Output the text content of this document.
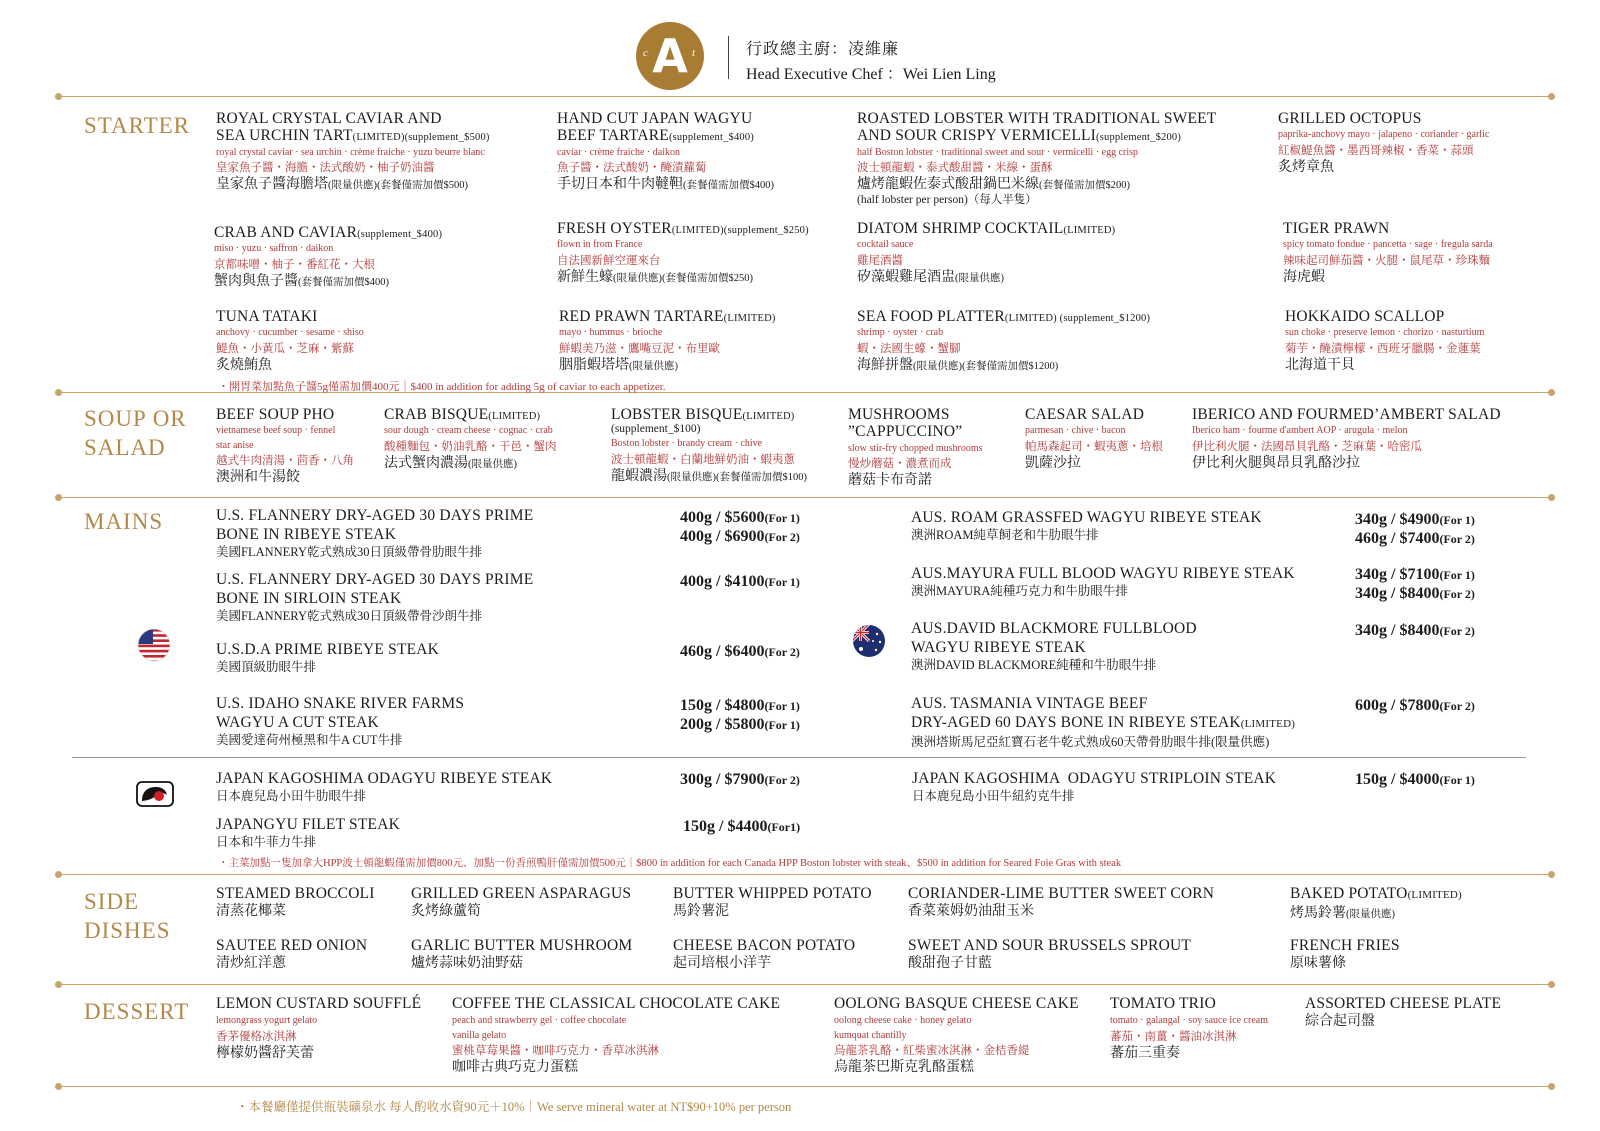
A
c	t	行政總主廚：凌維廉
Head Executive Chef ：Wei Lien Ling
STARTER
SOUP OR
SALAD
MAINS
SIDE
DISHES
DESSERT
ROYAL CRYSTAL CAVIAR AND
SEA URCHIN TART(LIMITED)(supplement_$500)
royal crystal caviar · sea urchin · crème fraiche · yuzu beurre blanc
皇家魚子醬・海膽・法式酸奶・柚子奶油醬
皇家魚子醬海膽塔(限量供應)(套餐僅需加價$500)
HAND CUT JAPAN WAGYU
BEEF TARTARE(supplement_$400)
caviar · crème fraiche · daikon
魚子醬・法式酸奶・醃漬蘿蔔
手切日本和牛肉韃靼(套餐僅需加價$400)
ROASTED LOBSTER WITH TRADITIONAL SWEET
AND SOUR CRISPY VERMICELLI(supplement_$200)
half Boston lobster · traditional sweet and sour · vermicelli · egg crisp
波士頓龍蝦・泰式酸甜醬・米線・蛋酥
爐烤龍蝦佐泰式酸甜鍋巴米線(套餐僅需加價$200)
(half lobster per person)（每人半隻）
GRILLED OCTOPUS
paprika-anchovy mayo · jalapeno · coriander · garlic
紅椒鯷魚醬・墨西哥辣椒・香菜・蒜頭
炙烤章魚
CRAB AND CAVIAR(supplement_$400)
miso · yuzu · saffron · daikon
京都味噌・柚子・番紅花・大根
蟹肉與魚子醬(套餐僅需加價$400)
FRESH OYSTER(LIMITED)(supplement_$250)
flown in from France
自法國新鮮空運來台
新鮮生蠔(限量供應)(套餐僅需加價$250)
DIATOM SHRIMP COCKTAIL(LIMITED)
cocktail sauce
雞尾酒醬
矽藻蝦雞尾酒盅(限量供應)
TIGER PRAWN
spicy tomato fondue · pancetta · sage · fregula sarda
辣味起司鮮茄醬・火腿・鼠尾草・珍珠麵
海虎蝦
TUNA TATAKI
anchovy · cucumber · sesame · shiso
鯷魚・小黃瓜・芝麻・紫蘇
炙燒鮪魚
RED PRAWN TARTARE(LIMITED)
mayo · hummus · brioche
鮮蝦美乃滋・鷹嘴豆泥・布里歐
胭脂蝦塔塔(限量供應)
SEA FOOD PLATTER(LIMITED) (supplement_$1200)
shrimp · oyster · crab
蝦・法國生蠔・蟹腳
海鮮拼盤(限量供應)(套餐僅需加價$1200)
HOKKAIDO SCALLOP
sun choke · preserve lemon · chorizo · nasturtium
菊芋・醃漬檸檬・西班牙臘腸・金蓮葉
北海道干貝
・開胃菜加點魚子醬5g僅需加價400元｜$400 in addition for adding 5g of caviar to each appetizer.
BEEF SOUP PHO
vietnamese beef soup · fennel
star anise
越式牛肉清湯・茴香・八角
澳洲和牛湯餃
CRAB BISQUE(LIMITED)
sour dough · cream cheese · cognac · crab
酸種麵包・奶油乳酪・干邑・蟹肉
法式蟹肉濃湯(限量供應)
LOBSTER BISQUE(LIMITED)
(supplement_$100)
Boston lobster · brandy cream · chive
波士頓龍蝦・白蘭地鮮奶油・蝦夷蔥
龍蝦濃湯(限量供應)(套餐僅需加價$100)
MUSHROOMS
”CAPPUCCINO”
slow stir-fry chopped mushrooms
慢炒蘑菇・濃煮而成
蘑菇卡布奇諾
CAESAR SALAD
parmesan · chive · bacon
帕馬森起司・蝦夷蔥・培根
凱薩沙拉
IBERICO AND FOURMED’AMBERT SALAD
Iberico ham · fourme d'ambert AOP · arugula · melon
伊比利火腿・法國昂貝乳酪・芝麻葉・哈密瓜
伊比利火腿與昂貝乳酪沙拉
U.S. FLANNERY DRY-AGED 30 DAYS PRIME
BONE IN RIBEYE STEAK
美國FLANNERY乾式熟成30日頂級帶骨肋眼牛排
400g / $5600(For 1)
400g / $6900(For 2)
U.S. FLANNERY DRY-AGED 30 DAYS PRIME
BONE IN SIRLOIN STEAK
美國FLANNERY乾式熟成30日頂級帶骨沙朗牛排
400g / $4100(For 1)
U.S.D.A PRIME RIBEYE STEAK
美國頂級肋眼牛排
460g / $6400(For 2)
U.S. IDAHO SNAKE RIVER FARMS
WAGYU A CUT STEAK
美國愛達荷州極黑和牛A CUT牛排
150g / $4800(For 1)
200g / $5800(For 1)
AUS. ROAM GRASSFED WAGYU RIBEYE STEAK
澳洲ROAM純草飼老和牛肋眼牛排
340g / $4900(For 1)
460g / $7400(For 2)
AUS.MAYURA FULL BLOOD WAGYU RIBEYE STEAK
澳洲MAYURA純種巧克力和牛肋眼牛排
340g / $7100(For 1)
340g / $8400(For 2)
AUS.DAVID BLACKMORE FULLBLOOD
WAGYU RIBEYE STEAK
澳洲DAVID BLACKMORE純種和牛肋眼牛排
340g / $8400(For 2)
AUS. TASMANIA VINTAGE BEEF
DRY-AGED 60 DAYS BONE IN RIBEYE STEAK(LIMITED)
澳洲塔斯馬尼亞紅寶石老牛乾式熟成60天帶骨肋眼牛排(限量供應)
600g / $7800(For 2)
JAPAN KAGOSHIMA ODAGYU RIBEYE STEAK
日本鹿兒島小田牛肋眼牛排
300g / $7900(For 2)
JAPANGYU FILET STEAK
日本和牛菲力牛排
150g / $4400(For1)
JAPAN KAGOSHIMA  ODAGYU STRIPLOIN STEAK
日本鹿兒島小田牛紐約克牛排
150g / $4000(For 1)
・主菜加點一隻加拿大HPP波士頓龍蝦僅需加價800元、加點一份香煎鴨肝僅需加價500元｜$800 in addition for each Canada HPP Boston lobster with steak、$500 in addition for Seared Foie Gras with steak
STEAMED BROCCOLI
清蒸花椰菜
GRILLED GREEN ASPARAGUS
炙烤綠蘆筍
BUTTER WHIPPED POTATO
馬鈴薯泥
CORIANDER-LIME BUTTER SWEET CORN
香菜萊姆奶油甜玉米
BAKED POTATO(LIMITED)
烤馬鈴薯(限量供應)
SAUTEE RED ONION
清炒紅洋蔥
GARLIC BUTTER MUSHROOM
爐烤蒜味奶油野菇
CHEESE BACON POTATO
起司培根小洋芋
SWEET AND SOUR BRUSSELS SPROUT
酸甜孢子甘藍
FRENCH FRIES
原味薯條
LEMON CUSTARD SOUFFLÉ
lemongrass yogurt gelato
香茅優格冰淇淋
檸檬奶醬舒芙蕾
COFFEE THE CLASSICAL CHOCOLATE CAKE
peach and strawberry gel · coffee chocolate
vanilla gelato
蜜桃草莓果醬・咖啡巧克力・香草冰淇淋
咖啡古典巧克力蛋糕
OOLONG BASQUE CHEESE CAKE
oolong cheese cake · honey gelato
kumquat chantilly
烏龍茶乳酪・紅柴蜜冰淇淋・金桔香緹
烏龍茶巴斯克乳酪蛋糕
TOMATO TRIO
tomato · galangal · soy sauce ice cream
蕃茄・南薑・醬油冰淇淋
蕃茄三重奏
ASSORTED CHEESE PLATE
綜合起司盤
・本餐廳僅提供瓶裝礦泉水 每人酌收水資90元＋10%｜We serve mineral water at NT$90+10% per person
